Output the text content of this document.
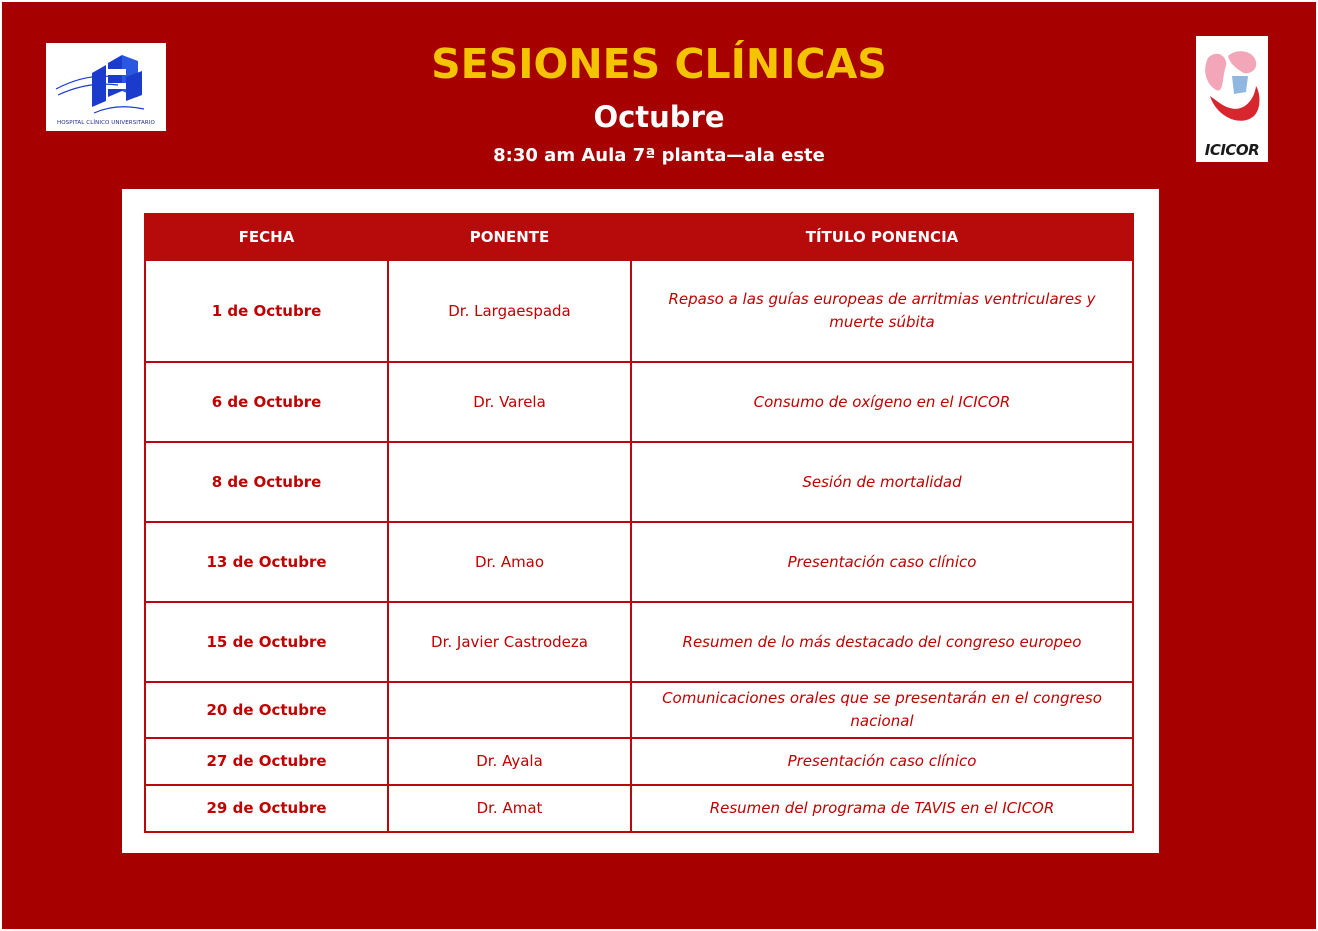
HOSPITAL CLÍNICO UNIVERSITARIO
SESIONES CLÍNICAS
Octubre
8:30 am Aula 7ª planta—ala este	ICICOR
FECHA	PONENTE	TÍTULO PONENCIA
1 de Octubre	Dr. Largaespada	Repaso a las guías europeas de arritmias ventriculares y muerte súbita
6 de Octubre	Dr. Varela	Consumo de oxígeno en el ICICOR
8 de Octubre		Sesión de mortalidad
13 de Octubre	Dr. Amao	Presentación caso clínico
15 de Octubre	Dr. Javier Castrodeza	Resumen de lo más destacado del congreso europeo
20 de Octubre		Comunicaciones orales que se presentarán en el congreso nacional
27 de Octubre	Dr. Ayala	Presentación caso clínico
29 de Octubre	Dr. Amat	Resumen del programa de TAVIS en el ICICOR
